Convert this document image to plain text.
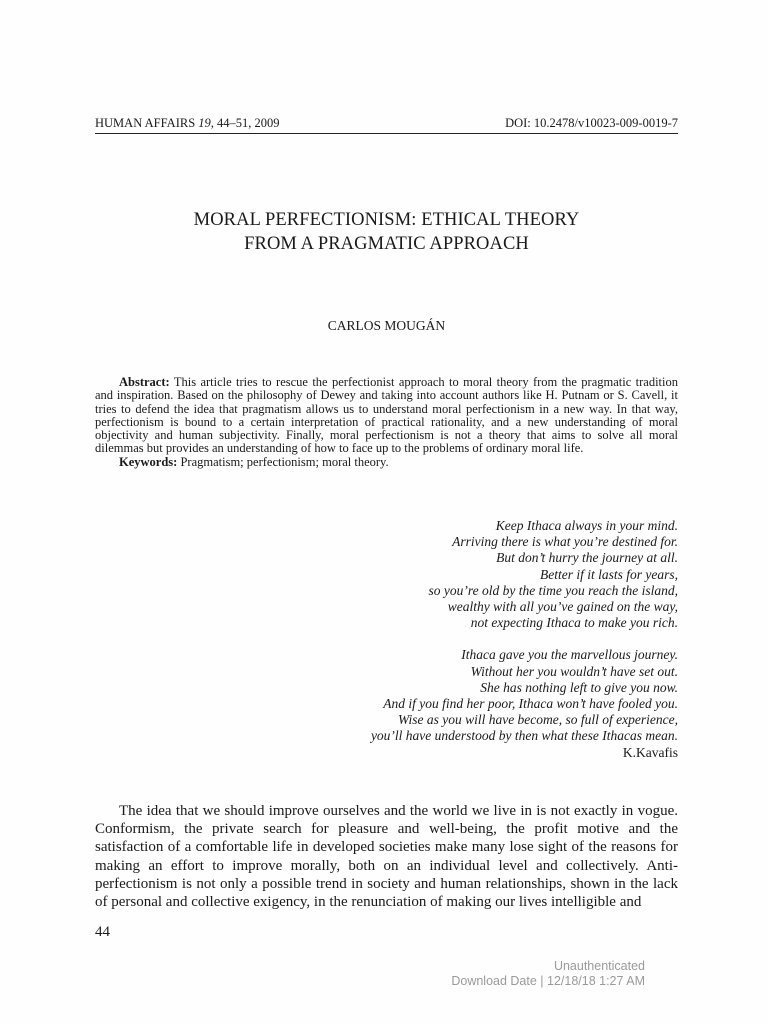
HUMAN AFFAIRS 19, 44–51, 2009	DOI: 10.2478/v10023-009-0019-7
MORAL PERFECTIONISM: ETHICAL THEORY
FROM A PRAGMATIC APPROACH
CARLOS MOUGÁN

Abstract: This article tries to rescue the perfectionist approach to moral theory from the pragmatic tradition and inspiration. Based on the philosophy of Dewey and taking into account authors like H. Putnam or S. Cavell, it tries to defend the idea that pragmatism allows us to understand moral perfectionism in a new way. In that way, perfectionism is bound to a certain interpretation of practical rationality, and a new understanding of moral objectivity and human subjectivity. Finally, moral perfectionism is not a theory that aims to solve all moral dilemmas but provides an understanding of how to face up to the problems of ordinary moral life.

Keywords: Pragmatism; perfectionism; moral theory.

Keep Ithaca always in your mind.
Arriving there is what you’re destined for.
But don’t hurry the journey at all.
Better if it lasts for years,
so you’re old by the time you reach the island,
wealthy with all you’ve gained on the way,
not expecting Ithaca to make you rich.
Ithaca gave you the marvellous journey.
Without her you wouldn’t have set out.
She has nothing left to give you now.
And if you find her poor, Ithaca won’t have fooled you.
Wise as you will have become, so full of experience,
you’ll have understood by then what these Ithacas mean.
K.Kavafis

The idea that we should improve ourselves and the world we live in is not exactly in vogue. Conformism, the private search for pleasure and well-being, the profit motive and the satisfaction of a comfortable life in developed societies make many lose sight of the reasons for making an effort to improve morally, both on an individual level and collectively. Anti-perfectionism is not only a possible trend in society and human relationships, shown in the lack of personal and collective exigency, in the renunciation of making our lives intelligible and

44
Unauthenticated
Download Date | 12/18/18 1:27 AM
